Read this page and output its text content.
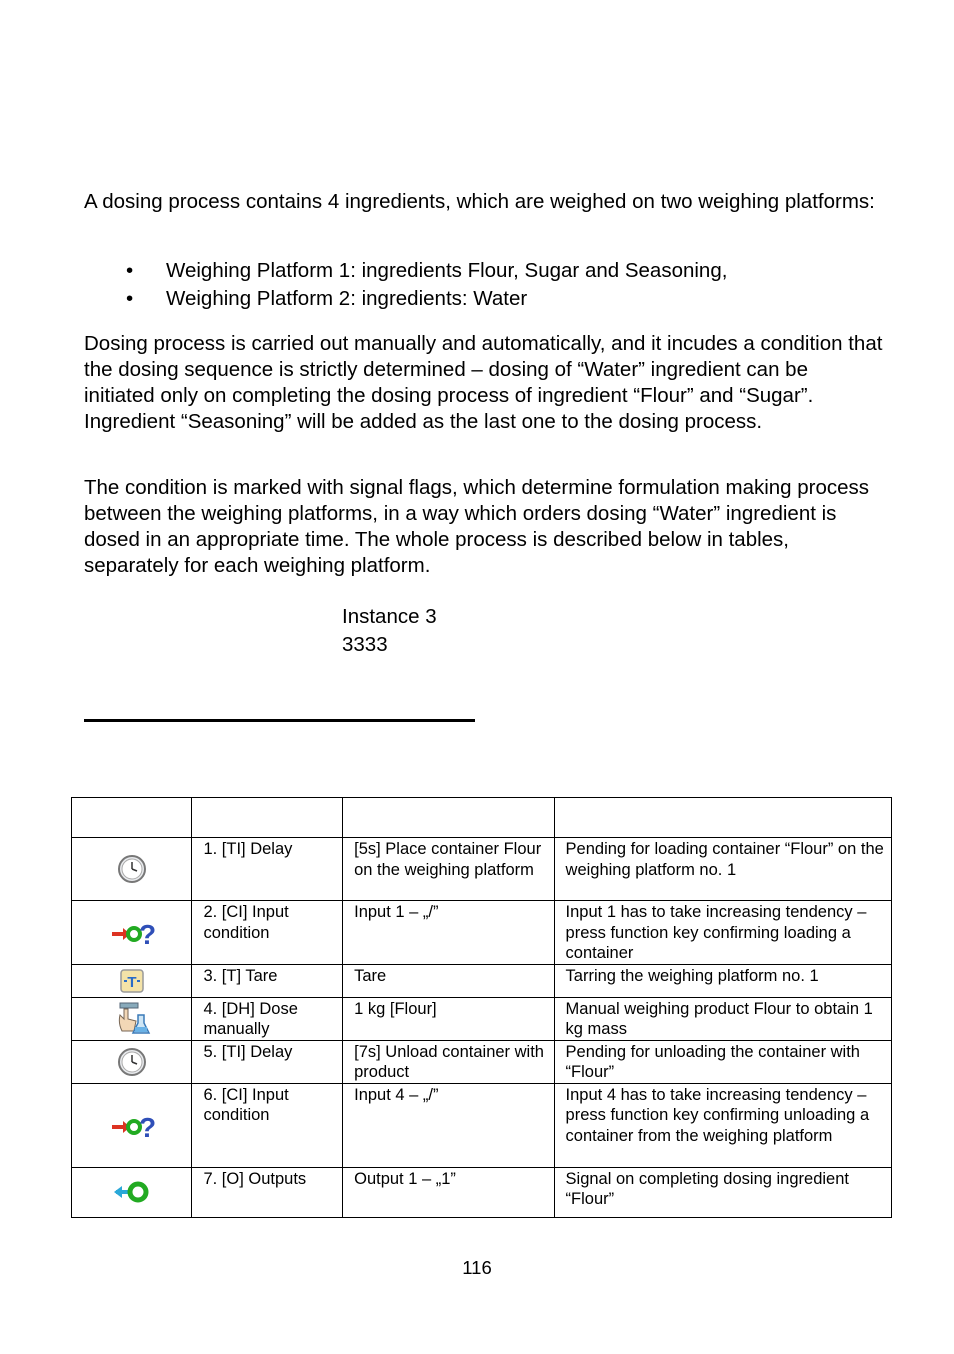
A dosing process contains 4 ingredients, which are weighed on two weighing platforms:

• Weighing Platform 1: ingredients Flour, Sugar and Seasoning,
• Weighing Platform 2: ingredients: Water

Dosing process is carried out manually and automatically, and it incudes a condition that the dosing sequence is strictly determined – dosing of “Water” ingredient can be initiated only on completing the dosing process of ingredient “Flour” and “Sugar”. Ingredient “Seasoning” will be added as the last one to the dosing process.

The condition is marked with signal flags, which determine formulation making process between the weighing platforms, in a way which orders dosing “Water” ingredient is dosed in an appropriate time. The whole process is described below in tables, separately for each weighing platform.

Instance 3
3333

	1. [TI] Delay	[5s] Place container Flour on the weighing platform	Pending for loading container “Flour” on the weighing platform no. 1

?	2. [CI] Input condition	Input 1 – „/”	Input 1 has to take increasing tendency – press function key confirming loading a container

T	3. [T] Tare	Tare	Tarring the weighing platform no. 1
	4. [DH] Dose manually	1 kg [Flour]	Manual weighing product Flour to obtain 1 kg mass
	5. [TI] Delay	[7s] Unload container with product	Pending for unloading the container with “Flour”

?	6. [CI] Input condition	Input 4 – „/”	Input 4 has to take increasing tendency – press function key confirming unloading a container from the weighing platform
	7. [O] Outputs	Output 1 – „1”	Signal on completing dosing ingredient “Flour”
116
